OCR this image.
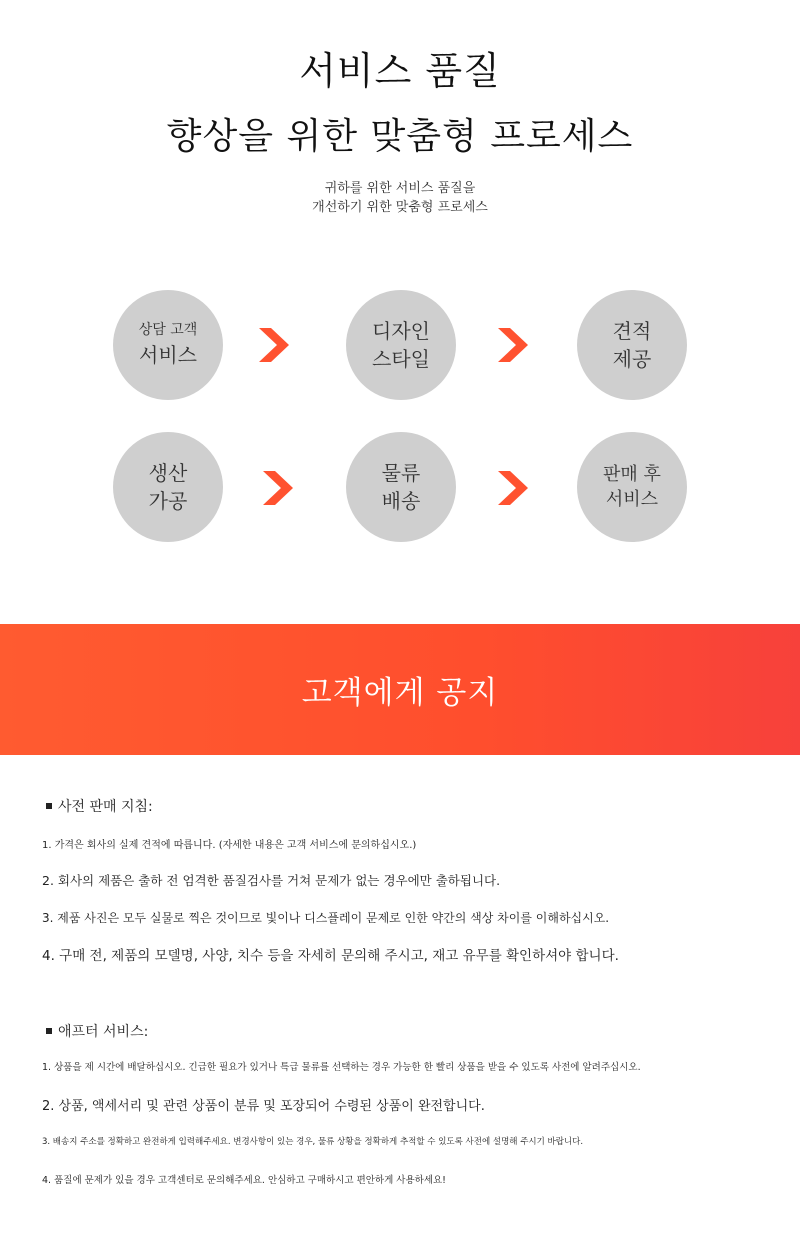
서비스 품질
향상을 위한 맞춤형 프로세스
귀하를 위한 서비스 품질을
개선하기 위한 맞춤형 프로세스
상담 고객
서비스
디자인
스타일
견적
제공
생산
가공
물류
배송
판매 후
서비스
고객에게 공지
사전 판매 지침:
1. 가격은 회사의 실제 견적에 따릅니다. (자세한 내용은 고객 서비스에 문의하십시오.)
2. 회사의 제품은 출하 전 엄격한 품질검사를 거쳐 문제가 없는 경우에만 출하됩니다.
3. 제품 사진은 모두 실물로 찍은 것이므로 빛이나 디스플레이 문제로 인한 약간의 색상 차이를 이해하십시오.
4. 구매 전, 제품의 모델명, 사양, 치수 등을 자세히 문의해 주시고, 재고 유무를 확인하셔야 합니다.
애프터 서비스:
1. 상품을 제 시간에 배달하십시오. 긴급한 필요가 있거나 특급 물류를 선택하는 경우 가능한 한 빨리 상품을 받을 수 있도록 사전에 알려주십시오.
2. 상품, 액세서리 및 관련 상품이 분류 및 포장되어 수령된 상품이 완전합니다.
3. 배송지 주소를 정확하고 완전하게 입력해주세요. 변경사항이 있는 경우, 물류 상황을 정확하게 추적할 수 있도록 사전에 설명해 주시기 바랍니다.
4. 품질에 문제가 있을 경우 고객센터로 문의해주세요. 안심하고 구매하시고 편안하게 사용하세요!
